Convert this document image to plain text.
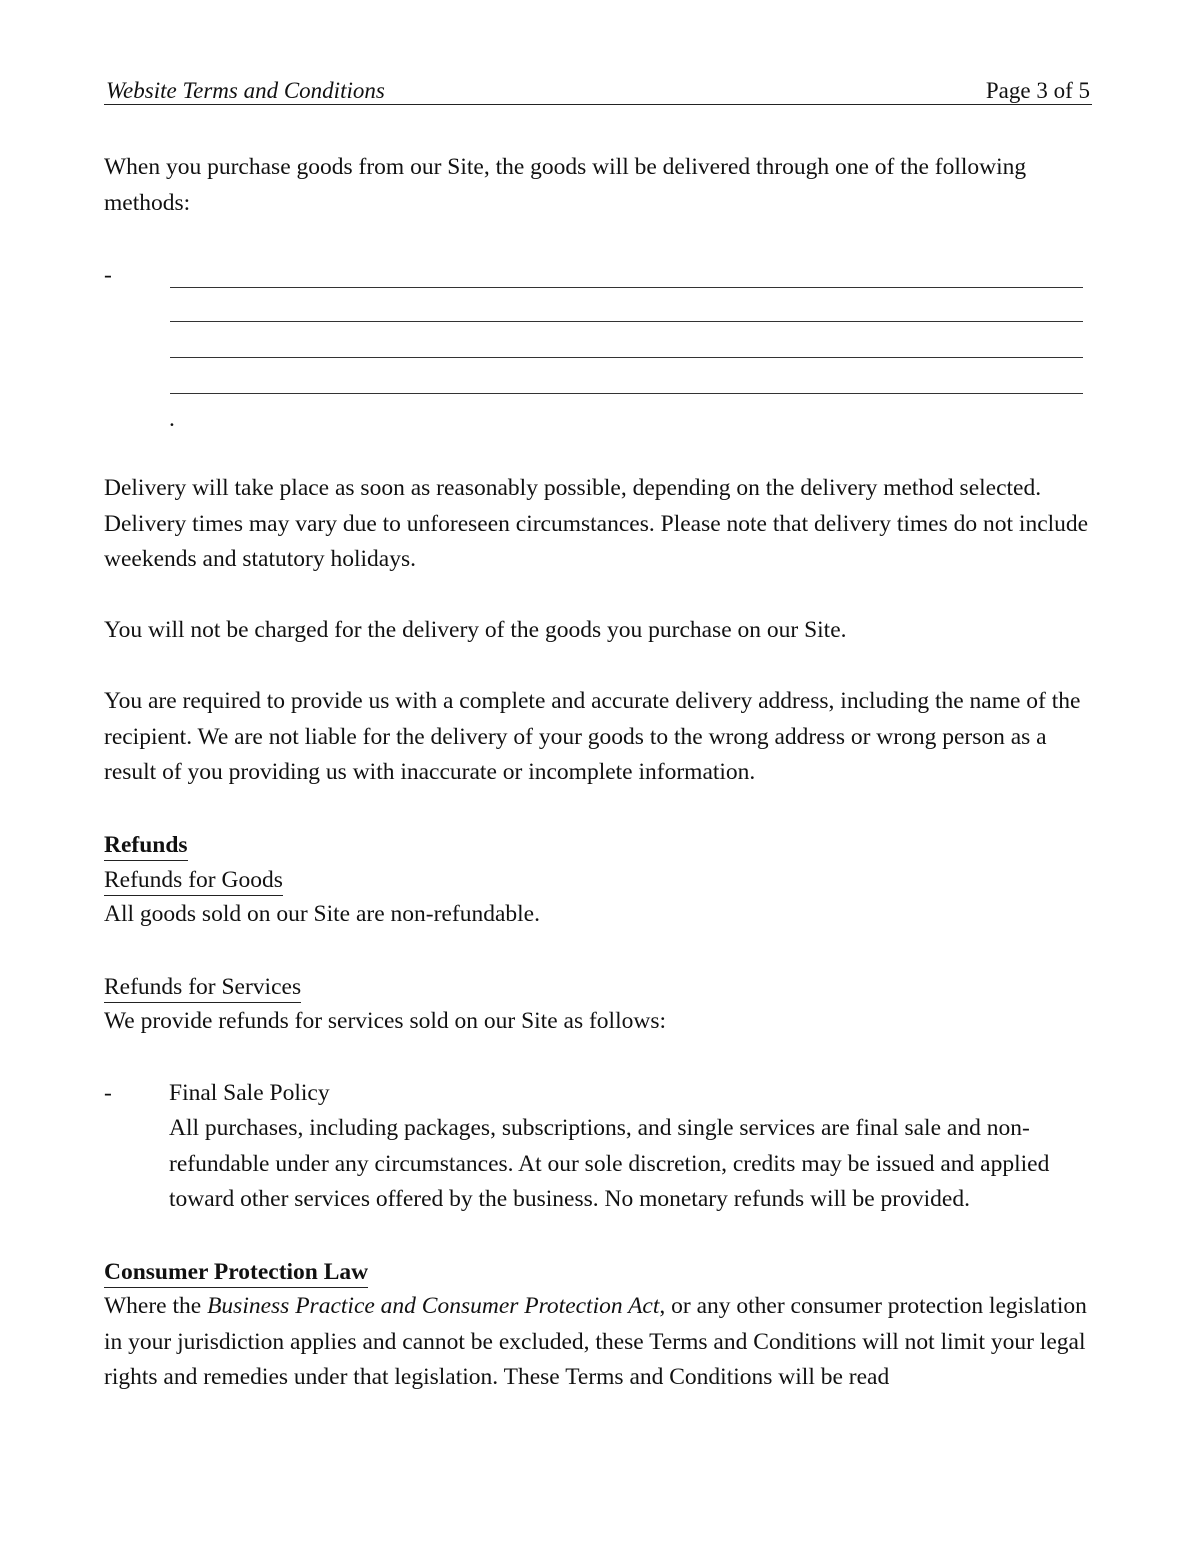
Website Terms and Conditions	Page 3 of 5

When you purchase goods from our Site, the goods will be delivered through one of the following methods:

-
.

Delivery will take place as soon as reasonably possible, depending on the delivery method selected. Delivery times may vary due to unforeseen circumstances. Please note that delivery times do not include weekends and statutory holidays.

You will not be charged for the delivery of the goods you purchase on our Site.

You are required to provide us with a complete and accurate delivery address, including the name of the recipient. We are not liable for the delivery of your goods to the wrong address or wrong person as a result of you providing us with inaccurate or incomplete information.

Refunds
Refunds for Goods

All goods sold on our Site are non-refundable.

Refunds for Services

We provide refunds for services sold on our Site as follows:

- Final Sale Policy

All purchases, including packages, subscriptions, and single services are final sale and non-refundable under any circumstances. At our sole discretion, credits may be issued and applied toward other services offered by the business. No monetary refunds will be provided.

Consumer Protection Law

Where the Business Practice and Consumer Protection Act, or any other consumer protection legislation in your jurisdiction applies and cannot be excluded, these Terms and Conditions will not limit your legal rights and remedies under that legislation. These Terms and Conditions will be read
